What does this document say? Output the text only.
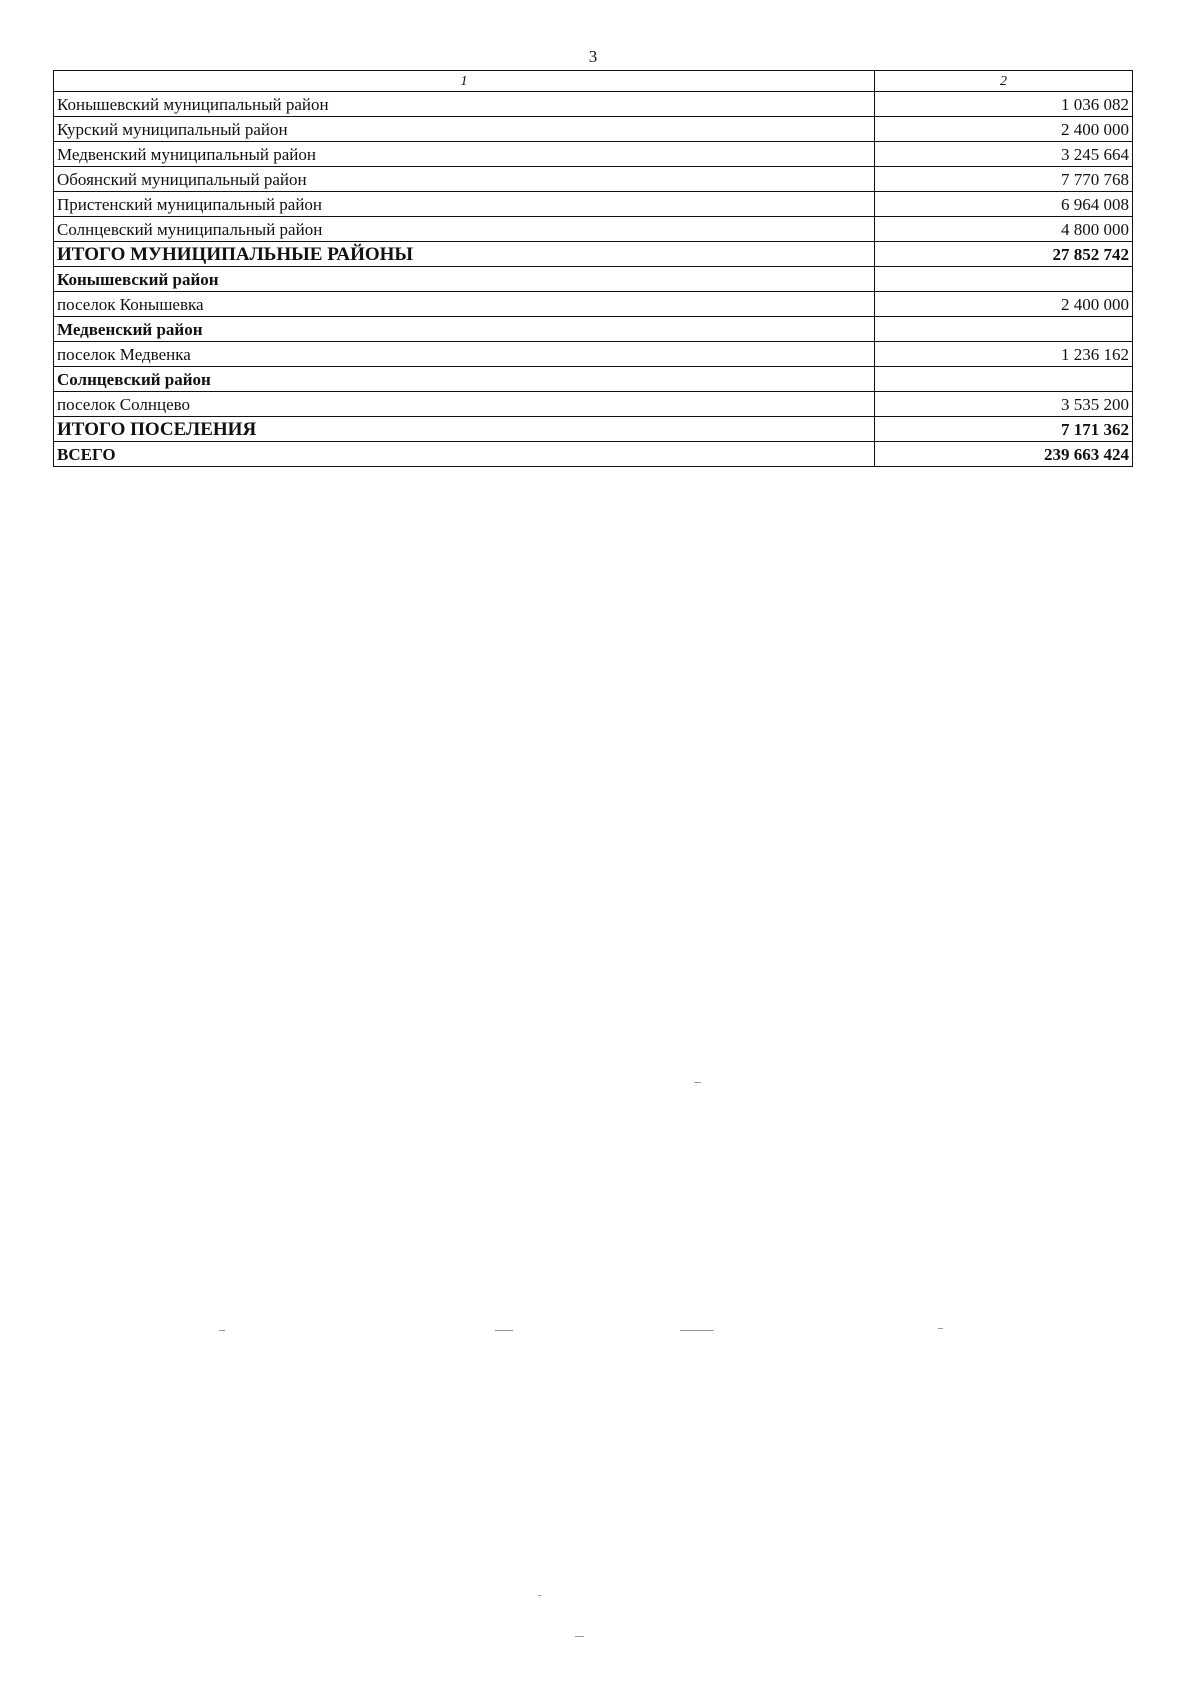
3
1	2
Конышевский муниципальный район	1 036 082
Курский муниципальный район	2 400 000
Медвенский муниципальный район	3 245 664
Обоянский муниципальный район	7 770 768
Пристенский муниципальный район	6 964 008
Солнцевский муниципальный район	4 800 000
ИТОГО МУНИЦИПАЛЬНЫЕ РАЙОНЫ	27 852 742
Конышевский район	
поселок Конышевка	2 400 000
Медвенский район	
поселок Медвенка	1 236 162
Солнцевский район	
поселок Солнцево	3 535 200
ИТОГО ПОСЕЛЕНИЯ	7 171 362
ВСЕГО	239 663 424
